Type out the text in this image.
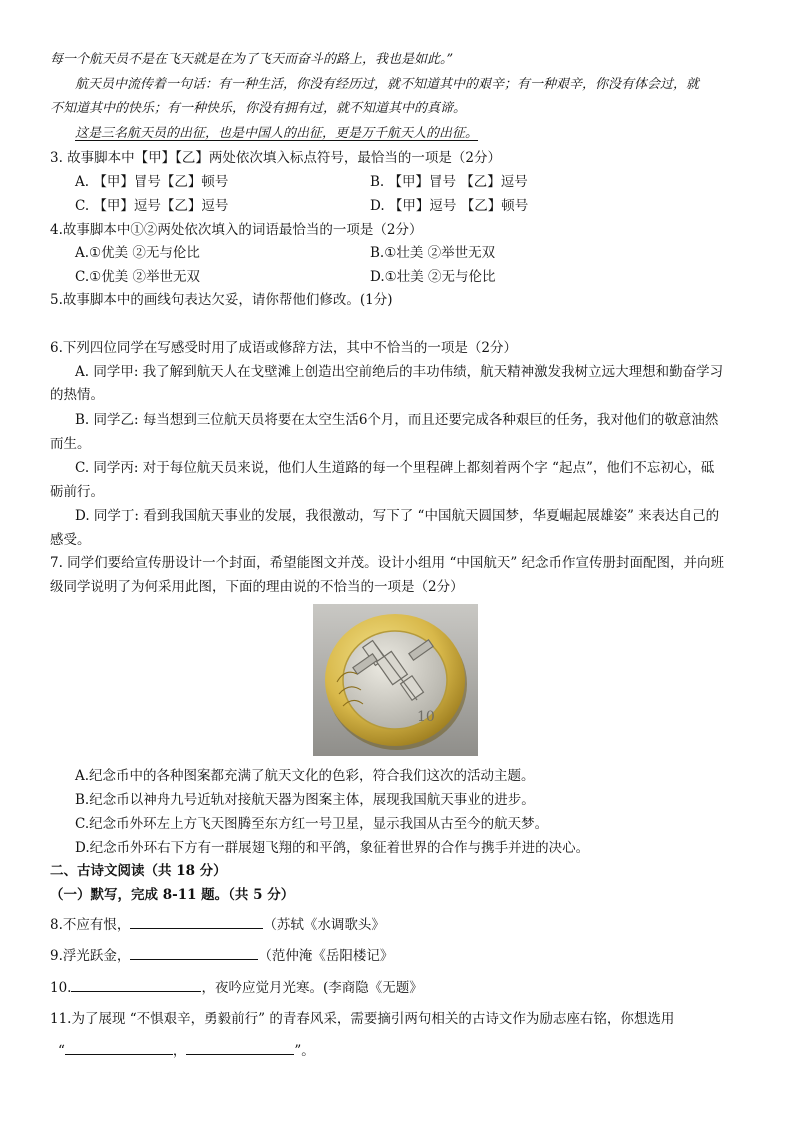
每一个航天员不是在飞天就是在为了飞天而奋斗的路上，我也是如此。”
航天员中流传着一句话：有一种生活，你没有经历过，就不知道其中的艰辛；有一种艰辛，你没有体会过，就
不知道其中的快乐；有一种快乐，你没有拥有过，就不知道其中的真谛。
这是三名航天员的出征，也是中国人的出征，更是万千航天人的出征。
3. 故事脚本中【甲】【乙】两处依次填入标点符号，最恰当的一项是（2分）
A. 【甲】冒号【乙】顿号	B. 【甲】冒号 【乙】逗号
C. 【甲】逗号【乙】逗号	D. 【甲】逗号 【乙】顿号
4.故事脚本中①②两处依次填入的词语最恰当的一项是（2分）
A.①优美 ②无与伦比	B.①壮美 ②举世无双
C.①优美 ②举世无双	D.①壮美 ②无与伦比
5.故事脚本中的画线句表达欠妥，请你帮他们修改。(1分)
6.下列四位同学在写感受时用了成语或修辞方法，其中不恰当的一项是（2分）
A. 同学甲: 我了解到航天人在戈壁滩上创造出空前绝后的丰功伟绩，航天精神激发我树立远大理想和勤奋学习
的热情。
B. 同学乙: 每当想到三位航天员将要在太空生活6个月，而且还要完成各种艰巨的任务，我对他们的敬意油然
而生。
C. 同学丙: 对于每位航天员来说，他们人生道路的每一个里程碑上都刻着两个字 “起点”，他们不忘初心，砥
砺前行。
D. 同学丁: 看到我国航天事业的发展，我很激动，写下了 “中国航天圆国梦，华夏崛起展雄姿” 来表达自己的
感受。
7. 同学们要给宣传册设计一个封面，希望能图文并茂。设计小组用 “中国航天” 纪念币作宣传册封面配图，并向班
级同学说明了为何采用此图，下面的理由说的不恰当的一项是（2分）
10
A.纪念币中的各种图案都充满了航天文化的色彩，符合我们这次的活动主题。
B.纪念币以神舟九号近轨对接航天器为图案主体，展现我国航天事业的进步。
C.纪念币外环左上方飞天图腾至东方红一号卫星，显示我国从古至今的航天梦。
D.纪念币外环右下方有一群展翅飞翔的和平鸽，象征着世界的合作与携手并进的决心。
二、古诗文阅读（共 18 分）
（一）默写，完成 8-11 题。（共 5 分）
8.不应有恨，	（苏轼《水调歌头》
9.浮光跃金，	（范仲淹《岳阳楼记》
10.	，夜吟应觉月光寒。(李商隐《无题》
11.为了展现 “不惧艰辛，勇毅前行” 的青春风采，需要摘引两句相关的古诗文作为励志座右铭，你想选用
“	，	”。
